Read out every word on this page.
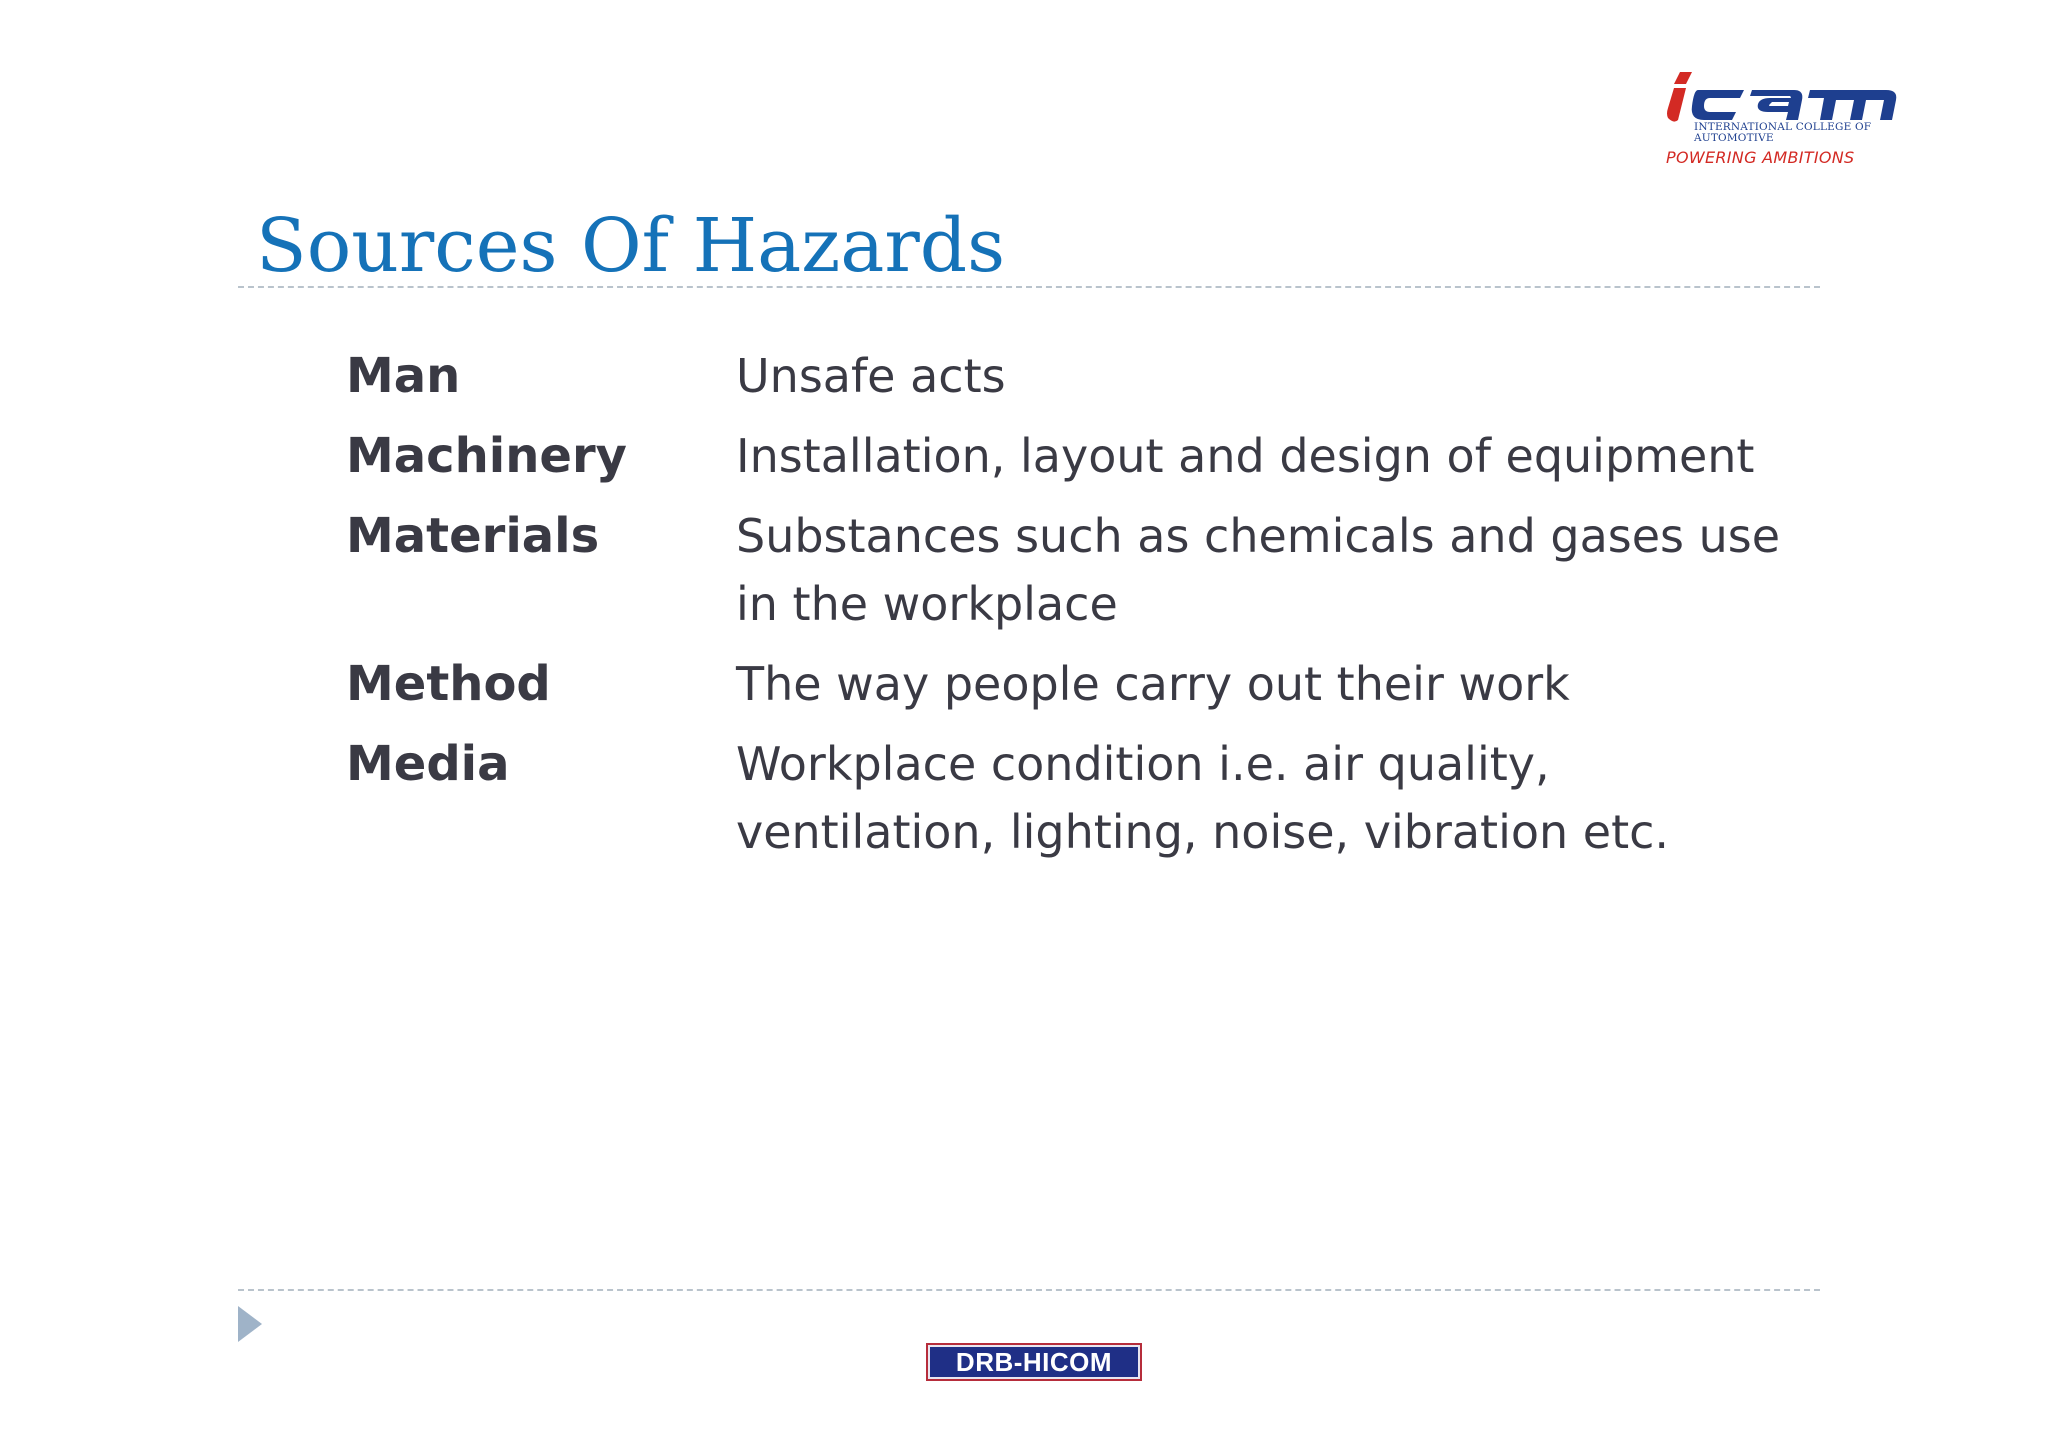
INTERNATIONAL COLLEGE OF
AUTOMOTIVE
POWERING AMBITIONS
Sources Of Hazards
Man	Unsafe acts
Machinery	Installation, layout and design of equipment
Materials	Substances such as chemicals and gases use in the workplace
Method	The way people carry out their work
Media	Workplace condition i.e. air quality, ventilation, lighting, noise, vibration etc.
DRB-HICOM
